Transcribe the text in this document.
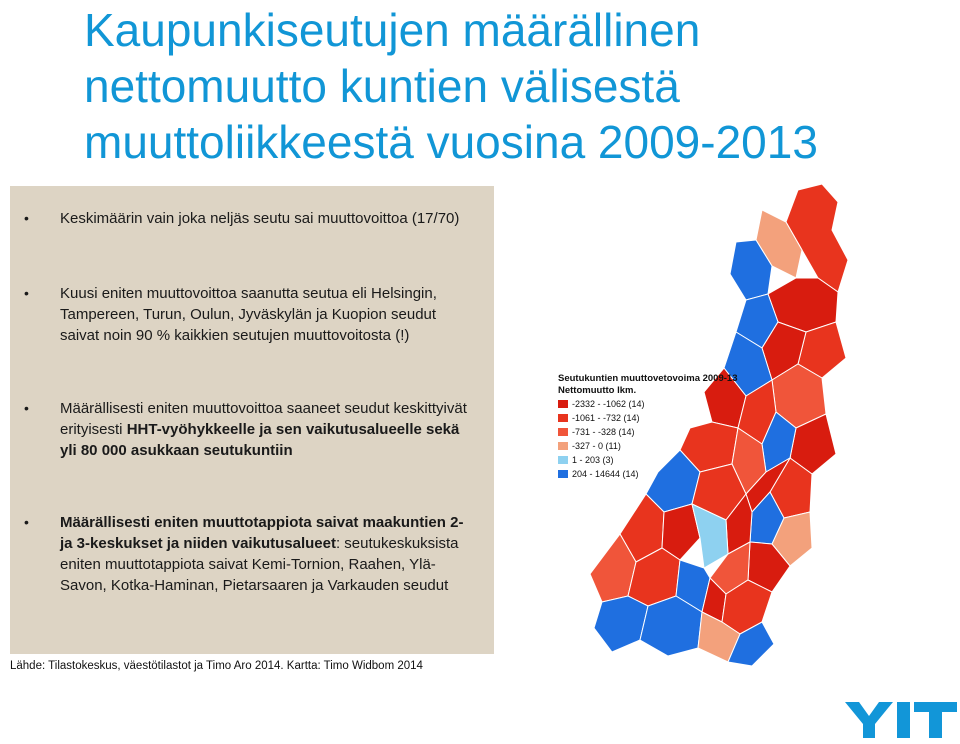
Kaupunkiseutujen määrällinen nettomuutto kuntien välisestä muuttoliikkeestä vuosina 2009-2013
• Keskimäärin vain joka neljäs seutu sai muuttovoittoa (17/70)
• Kuusi eniten muuttovoittoa saanutta seutua eli Helsingin, Tampereen, Turun, Oulun, Jyväskylän ja Kuopion seudut saivat noin 90 % kaikkien seutujen muuttovoitosta (!)
• Määrällisesti eniten muuttovoittoa saaneet seudut keskittyivät erityisesti HHT-vyöhykkeelle ja sen vaikutusalueelle sekä yli 80 000 asukkaan seutukuntiin
• Määrällisesti eniten muuttotappiota saivat maakuntien 2- ja 3-keskukset ja niiden vaikutusalueet: seutukeskuksista eniten muuttotappiota saivat Kemi-Tornion, Raahen, Ylä-Savon, Kotka-Haminan, Pietarsaaren ja Varkauden seudut
Lähde: Tilastokeskus, väestötilastot ja Timo Aro 2014. Kartta: Timo Widbom 2014
Seutukuntien muuttovetovoima 2009-13
Nettomuutto lkm.
-2332 - -1062 (14)
-1061 - -732 (14)
-731 - -328 (14)
-327 - 0 (11)
1 - 203 (3)
204 - 14644 (14)
